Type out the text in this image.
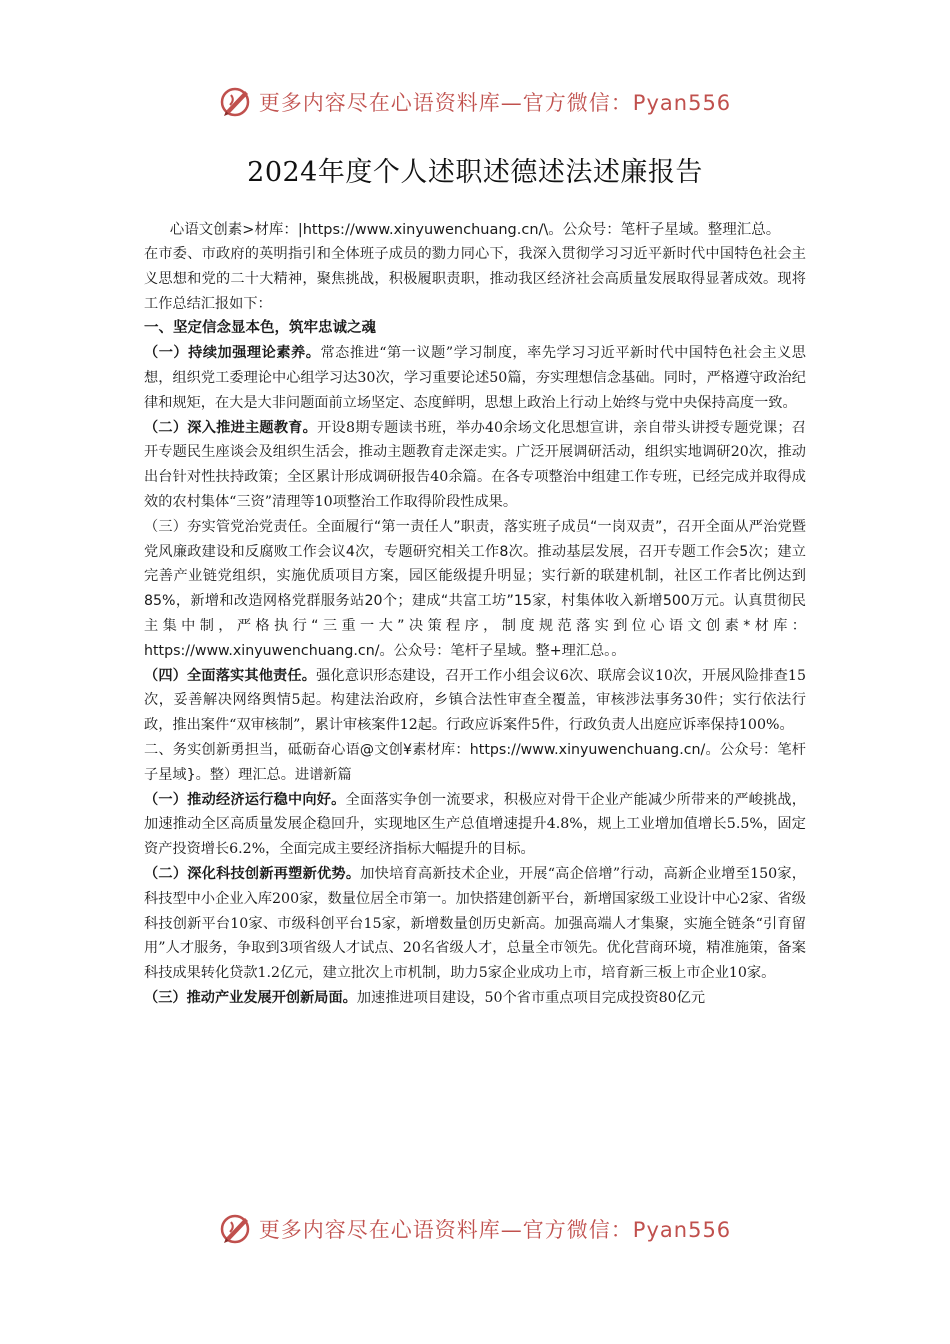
更多内容尽在心语资料库—官方微信：Pyan556
2024年度个人述职述德述法述廉报告

心语文创素>材库：|https://www.xinyuwenchuang.cn/\。公众号：笔杆子星域。整理汇总。

在市委、市政府的英明指引和全体班子成员的勠力同心下，我深入贯彻学习习近平新时代中国特色社会主义思想和党的二十大精神，聚焦挑战，积极履职责职，推动我区经济社会高质量发展取得显著成效。现将工作总结汇报如下：

一、坚定信念显本色，筑牢忠诚之魂

（一）持续加强理论素养。常态推进“第一议题”学习制度，率先学习习近平新时代中国特色社会主义思想，组织党工委理论中心组学习达30次，学习重要论述50篇，夯实理想信念基础。同时，严格遵守政治纪律和规矩，在大是大非问题面前立场坚定、态度鲜明，思想上政治上行动上始终与党中央保持高度一致。

（二）深入推进主题教育。开设8期专题读书班，举办40余场文化思想宣讲，亲自带头讲授专题党课；召开专题民生座谈会及组织生活会，推动主题教育走深走实。广泛开展调研活动，组织实地调研20次，推动出台针对性扶持政策；全区累计形成调研报告40余篇。在各专项整治中组建工作专班，已经完成并取得成效的农村集体“三资”清理等10项整治工作取得阶段性成果。

（三）夯实管党治党责任。全面履行“第一责任人”职责，落实班子成员“一岗双责”，召开全面从严治党暨党风廉政建设和反腐败工作会议4次，专题研究相关工作8次。推动基层发展，召开专题工作会5次；建立完善产业链党组织，实施优质项目方案，园区能级提升明显；实行新的联建机制，社区工作者比例达到85%，新增和改造网格党群服务站20个；建成“共富工坊”15家，村集体收入新增500万元。认真贯彻民主集中制，严格执行“三重一大”决策程序，制度规范落实到位心语文创素*材库：https://www.xinyuwenchuang.cn/。公众号：笔杆子星域。整+理汇总。。

（四）全面落实其他责任。强化意识形态建设，召开工作小组会议6次、联席会议10次，开展风险排查15次，妥善解决网络舆情5起。构建法治政府，乡镇合法性审查全覆盖，审核涉法事务30件；实行依法行政，推出案件“双审核制”，累计审核案件12起。行政应诉案件5件，行政负责人出庭应诉率保持100%。

二、务实创新勇担当，砥砺奋心语@文创¥素材库：https://www.xinyuwenchuang.cn/。公众号：笔杆子星域}。整）理汇总。进谱新篇

（一）推动经济运行稳中向好。全面落实争创一流要求，积极应对骨干企业产能减少所带来的严峻挑战，加速推动全区高质量发展企稳回升，实现地区生产总值增速提升4.8%，规上工业增加值增长5.5%，固定资产投资增长6.2%，全面完成主要经济指标大幅提升的目标。

（二）深化科技创新再塑新优势。加快培育高新技术企业，开展“高企倍增”行动，高新企业增至150家，科技型中小企业入库200家，数量位居全市第一。加快搭建创新平台，新增国家级工业设计中心2家、省级科技创新平台10家、市级科创平台15家，新增数量创历史新高。加强高端人才集聚，实施全链条“引育留用”人才服务，争取到3项省级人才试点、20名省级人才，总量全市领先。优化营商环境，精准施策，备案科技成果转化贷款1.2亿元，建立批次上市机制，助力5家企业成功上市，培育新三板上市企业10家。

（三）推动产业发展开创新局面。加速推进项目建设，50个省市重点项目完成投资80亿元

更多内容尽在心语资料库—官方微信：Pyan556
